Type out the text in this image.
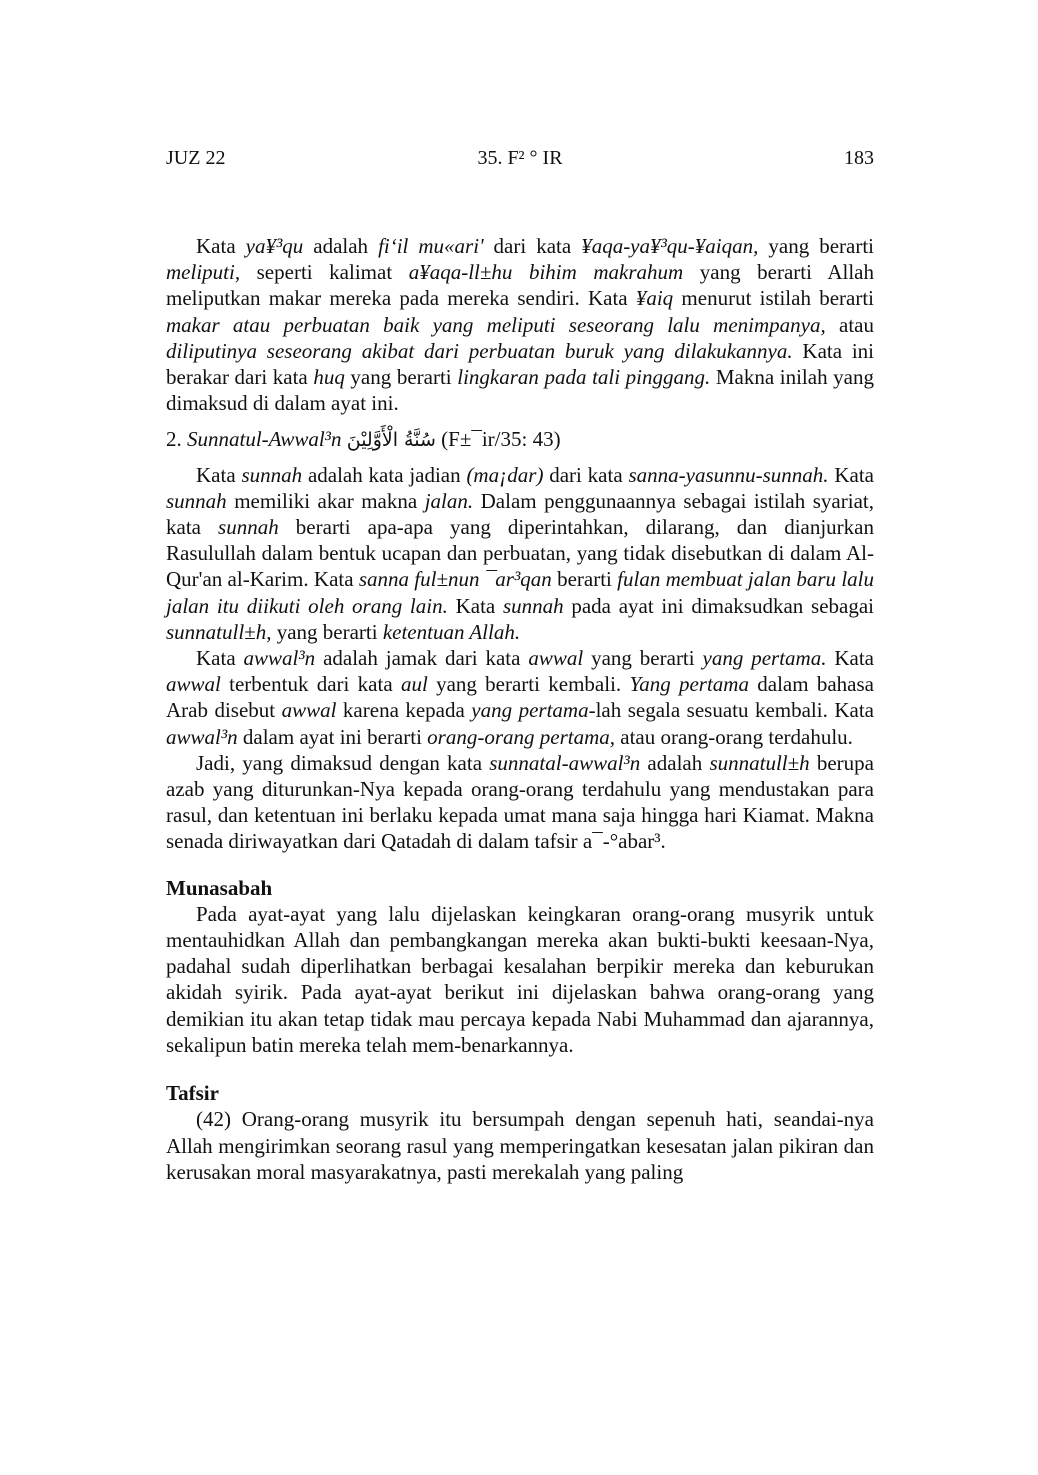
JUZ 22	35. F² ° IR	183

Kata ya¥³qu adalah fi‘il mu«ari' dari kata ¥aqa-ya¥³qu-¥aiqan, yang berarti meliputi, seperti kalimat a¥aqa-ll±hu bihim makrahum yang berarti Allah meliputkan makar mereka pada mereka sendiri. Kata ¥aiq menurut istilah berarti makar atau perbuatan baik yang meliputi seseorang lalu menimpanya, atau diliputinya seseorang akibat dari perbuatan buruk yang dilakukannya. Kata ini berakar dari kata huq yang berarti lingkaran pada tali pinggang. Makna inilah yang dimaksud di dalam ayat ini.

2. Sunnatul-Awwal³n سُنَّةُ الْأَوَّلِيْنَ (F±¯ir/35: 43)

Kata sunnah adalah kata jadian (ma¡dar) dari kata sanna-yasunnu-sunnah. Kata sunnah memiliki akar makna jalan. Dalam penggunaannya sebagai istilah syariat, kata sunnah berarti apa-apa yang diperintahkan, dilarang, dan dianjurkan Rasulullah dalam bentuk ucapan dan perbuatan, yang tidak disebutkan di dalam Al-Qur'an al-Karim. Kata sanna ful±nun ¯ar³qan berarti fulan membuat jalan baru lalu jalan itu diikuti oleh orang lain. Kata sunnah pada ayat ini dimaksudkan sebagai sunnatull±h, yang berarti ketentuan Allah.

Kata awwal³n adalah jamak dari kata awwal yang berarti yang pertama. Kata awwal terbentuk dari kata aul yang berarti kembali. Yang pertama dalam bahasa Arab disebut awwal karena kepada yang pertama-lah segala sesuatu kembali. Kata awwal³n dalam ayat ini berarti orang-orang pertama, atau orang-orang terdahulu.

Jadi, yang dimaksud dengan kata sunnatal-awwal³n adalah sunnatull±h berupa azab yang diturunkan-Nya kepada orang-orang terdahulu yang mendustakan para rasul, dan ketentuan ini berlaku kepada umat mana saja hingga hari Kiamat. Makna senada diriwayatkan dari Qatadah di dalam tafsir a¯-°abar³.

Munasabah

Pada ayat-ayat yang lalu dijelaskan keingkaran orang-orang musyrik untuk mentauhidkan Allah dan pembangkangan mereka akan bukti-bukti keesaan-Nya, padahal sudah diperlihatkan berbagai kesalahan berpikir mereka dan keburukan akidah syirik. Pada ayat-ayat berikut ini dijelaskan bahwa orang-orang yang demikian itu akan tetap tidak mau percaya kepada Nabi Muhammad dan ajarannya, sekalipun batin mereka telah mem-benarkannya.

Tafsir

(42) Orang-orang musyrik itu bersumpah dengan sepenuh hati, seandai-nya Allah mengirimkan seorang rasul yang memperingatkan kesesatan jalan pikiran dan kerusakan moral masyarakatnya, pasti merekalah yang paling
